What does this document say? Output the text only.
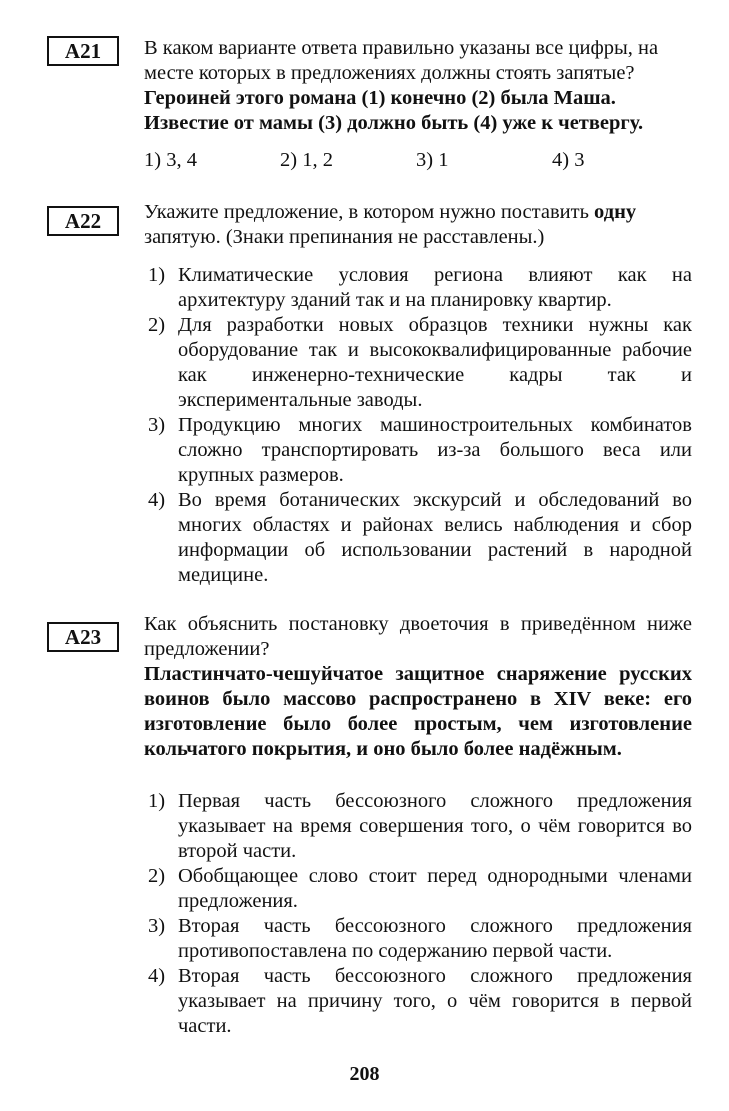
A21	В каком варианте ответа правильно указаны все цифры, на месте которых в предложениях должны стоять запятые?

Героиней этого романа (1) конечно (2) была Маша.

Известие от мамы (3) должно быть (4) уже к четвергу.

1) 3, 4	2) 1, 2	3) 1	4) 3
A22	Укажите предложение, в котором нужно поставить одну запятую. (Знаки препинания не расставлены.)

1) Климатические условия региона влияют как на архитектуру зданий так и на планировку квартир.
2) Для разработки новых образцов техники нужны как оборудование так и высококвалифицированные рабочие как инженерно-технические кадры так и экспериментальные заводы.
3) Продукцию многих машиностроительных комбинатов сложно транспортировать из-за большого веса или крупных размеров.
4) Во время ботанических экскурсий и обследований во многих областях и районах велись наблюдения и сбор информации об использовании растений в народной медицине.
A23

Как объяснить постановку двоеточия в приведённом ниже предложении?

Пластинчато-чешуйчатое защитное снаряжение русских воинов было массово распространено в XIV веке: его изготовление было более простым, чем изготовление кольчатого покрытия, и оно было более надёжным.

1) Первая часть бессоюзного сложного предложения указывает на время совершения того, о чём говорится во второй части.
2) Обобщающее слово стоит перед однородными членами предложения.
3) Вторая часть бессоюзного сложного предложения противопоставлена по содержанию первой части.
4) Вторая часть бессоюзного сложного предложения указывает на причину того, о чём говорится в первой части.
208
